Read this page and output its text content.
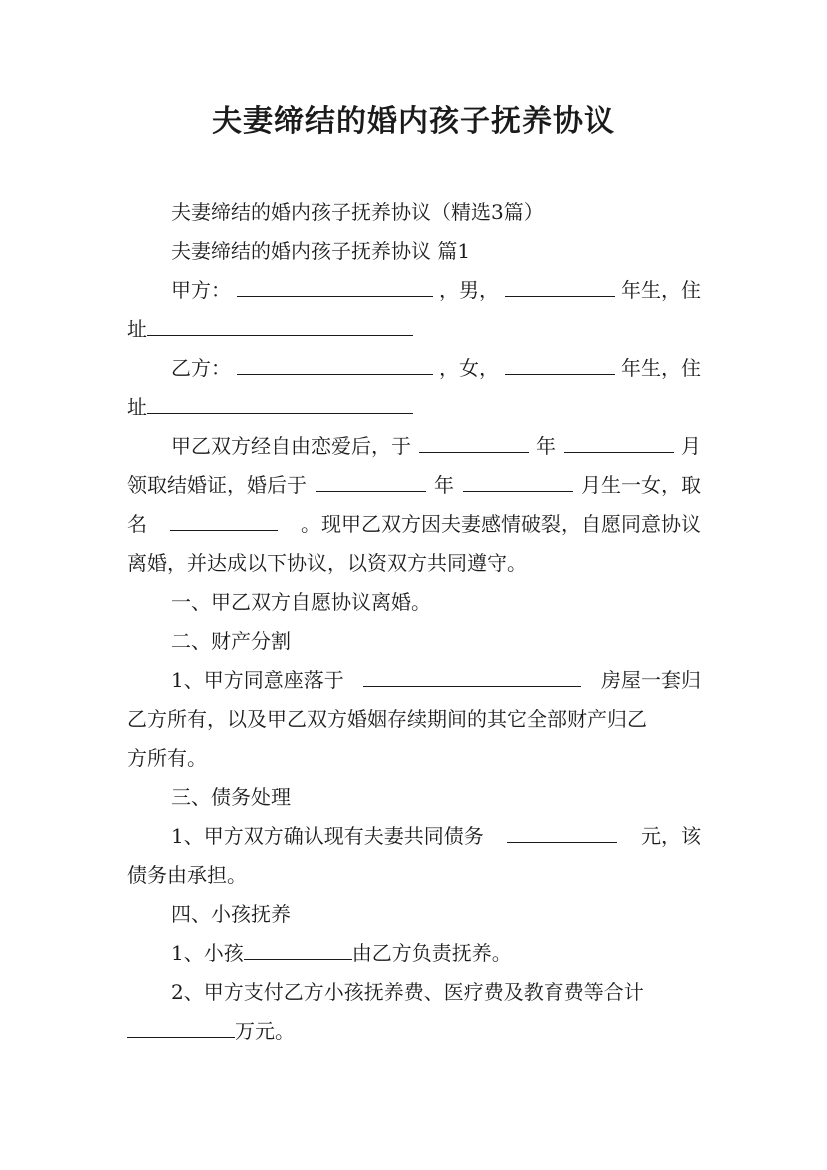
夫妻缔结的婚内孩子抚养协议
夫妻缔结的婚内孩子抚养协议（精选3篇）
夫妻缔结的婚内孩子抚养协议 篇1
甲方：	，男，	年生，住
址
乙方：	，女，	年生，住
址
甲乙双方经自由恋爱后，于	年	月
领取结婚证，婚后于	年	月生一女，取
名	。现甲乙双方因夫妻感情破裂，自愿同意协议
离婚，并达成以下协议，以资双方共同遵守。
一、甲乙双方自愿协议离婚。
二、财产分割
1、甲方同意座落于	房屋一套归
乙方所有，以及甲乙双方婚姻存续期间的其它全部财产归乙
方所有。
三、债务处理
1、甲方双方确认现有夫妻共同债务	元，该
债务由承担。
四、小孩抚养
1、小孩	由乙方负责抚养。
2、甲方支付乙方小孩抚养费、医疗费及教育费等合计
万元。
